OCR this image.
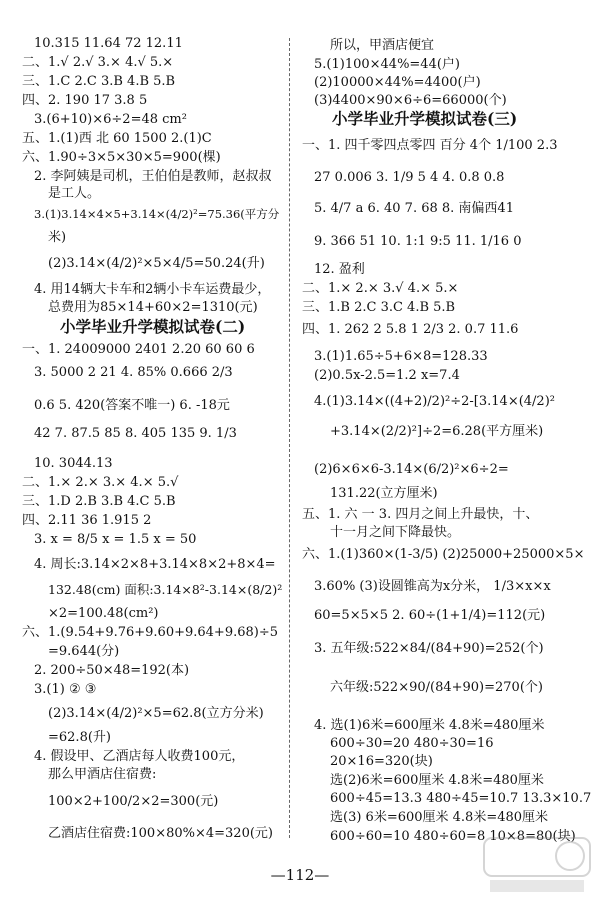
10.315 11.64 72 12.11
二、1.√ 2.√ 3.× 4.√ 5.×
三、1.C 2.C 3.B 4.B 5.B
四、2. 190 17 3.8 5
3.(6+10)×6÷2=48 cm²
五、1.(1)西 北 60 1500 2.(1)C
六、1.90÷3×5×30×5=900(棵)
2. 李阿姨是司机，王伯伯是教师，赵叔叔
是工人。
3.(1)3.14×4×5+3.14×(4/2)²=75.36(平方分
米)
(2)3.14×(4/2)²×5×4/5=50.24(升)
4. 用14辆大卡车和2辆小卡车运费最少，
总费用为85×14+60×2=1310(元)
小学毕业升学模拟试卷(二)
一、1. 24009000 2401 2.20 60 60 6
3. 5000 2 21 4. 85% 0.666 2/3
0.6 5. 420(答案不唯一) 6. -18元
42 7. 87.5 85 8. 405 135 9. 1/3
10. 3044.13
二、1.× 2.× 3.× 4.× 5.√
三、1.D 2.B 3.B 4.C 5.B
四、2.11 36 1.915 2
3. x = 8/5 x = 1.5 x = 50
4. 周长:3.14×2×8+3.14×8×2+8×4=
132.48(cm) 面积:3.14×8²-3.14×(8/2)²
×2=100.48(cm²)
六、1.(9.54+9.76+9.60+9.64+9.68)÷5
=9.644(分)
2. 200÷50×48=192(本)
3.(1) ② ③
(2)3.14×(4/2)²×5=62.8(立方分米)
=62.8(升)
4. 假设甲、乙酒店每人收费100元，
那么甲酒店住宿费:
100×2+100/2×2=300(元)
乙酒店住宿费:100×80%×4=320(元)
所以，甲酒店便宜
5.(1)100×44%=44(户)
(2)10000×44%=4400(户)
(3)4400×90×6÷6=66000(个)
小学毕业升学模拟试卷(三)
一、1. 四千零四点零四 百分 4个 1/100 2.3
27 0.006 3. 1/9 5 4 4. 0.8 0.8
5. 4/7 a 6. 40 7. 68 8. 南偏西41
9. 366 51 10. 1:1 9:5 11. 1/16 0
12. 盈利
二、1.× 2.× 3.√ 4.× 5.×
三、1.B 2.C 3.C 4.B 5.B
四、1. 262 2 5.8 1 2/3 2. 0.7 11.6
3.(1)1.65÷5+6×8=128.33
(2)0.5x-2.5=1.2 x=7.4
4.(1)3.14×((4+2)/2)²÷2-[3.14×(4/2)²
+3.14×(2/2)²]÷2=6.28(平方厘米)
(2)6×6×6-3.14×(6/2)²×6÷2=
131.22(立方厘米)
五、1. 六 一 3. 四月之间上升最快，十、
十一月之间下降最快。
六、1.(1)360×(1-3/5) (2)25000+25000×5×
3.60% (3)设圆锥高为x分米， 1/3×x×x
60=5×5×5 2. 60÷(1+1/4)=112(元)
3. 五年级:522×84/(84+90)=252(个)
六年级:522×90/(84+90)=270(个)
4. 选(1)6米=600厘米 4.8米=480厘米
600÷30=20 480÷30=16
20×16=320(块)
选(2)6米=600厘米 4.8米=480厘米
600÷45=13.3 480÷45=10.7 13.3×10.7
选(3) 6米=600厘米 4.8米=480厘米
600÷60=10 480÷60=8 10×8=80(块)
—112—
